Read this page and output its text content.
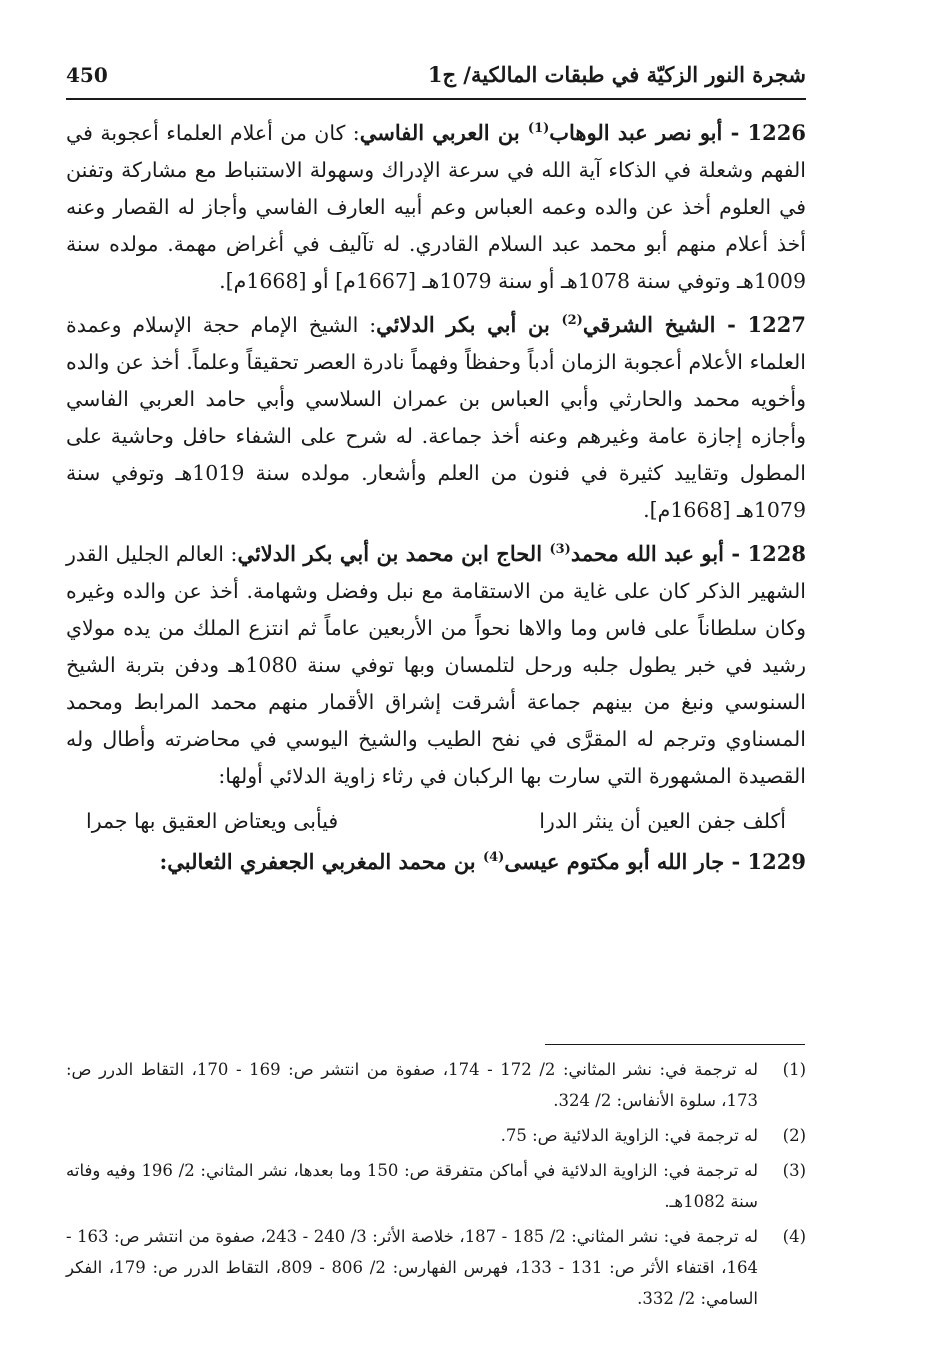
شجرة النور الزكيّة في طبقات المالكية/ ج1
450

1226 - أبو نصر عبد الوهاب$^{(1)}$ بن العربي الفاسي: كان من أعلام العلماء أعجوبة في الفهم وشعلة في الذكاء آية الله في سرعة الإدراك وسهولة الاستنباط مع مشاركة وتفنن في العلوم أخذ عن والده وعمه العباس وعم أبيه العارف الفاسي وأجاز له القصار وعنه أخذ أعلام منهم أبو محمد عبد السلام القادري. له تآليف في أغراض مهمة. مولده سنة 1009هـ وتوفي سنة 1078هـ أو سنة 1079هـ [1667م] أو [1668م].

1227 - الشيخ الشرقي$^{(2)}$ بن أبي بكر الدلائي: الشيخ الإمام حجة الإسلام وعمدة العلماء الأعلام أعجوبة الزمان أدباً وحفظاً وفهماً نادرة العصر تحقيقاً وعلماً. أخذ عن والده وأخويه محمد والحارثي وأبي العباس بن عمران السلاسي وأبي حامد العربي الفاسي وأجازه إجازة عامة وغيرهم وعنه أخذ جماعة. له شرح على الشفاء حافل وحاشية على المطول وتقاييد كثيرة في فنون من العلم وأشعار. مولده سنة 1019هـ وتوفي سنة 1079هـ [1668م].

1228 - أبو عبد الله محمد$^{(3)}$ الحاج ابن محمد بن أبي بكر الدلائي: العالم الجليل القدر الشهير الذكر كان على غاية من الاستقامة مع نبل وفضل وشهامة. أخذ عن والده وغيره وكان سلطاناً على فاس وما والاها نحواً من الأربعين عاماً ثم انتزع الملك من يده مولاي رشيد في خبر يطول جلبه ورحل لتلمسان وبها توفي سنة 1080هـ ودفن بتربة الشيخ السنوسي ونبغ من بينهم جماعة أشرقت إشراق الأقمار منهم محمد المرابط ومحمد المسناوي وترجم له المقرَّى في نفح الطيب والشيخ اليوسي في محاضرته وأطال وله القصيدة المشهورة التي سارت بها الركبان في رثاء زاوية الدلائي أولها:

أكلف جفن العين أن ينثر الدرا
فيأبى ويعتاض العقيق بها جمرا

1229 - جار الله أبو مكتوم عيسى$^{(4)}$ بن محمد المغربي الجعفري الثعالبي:

(1)
له ترجمة في: نشر المثاني: 2/ 172 - 174، صفوة من انتشر ص: 169 - 170، التقاط الدرر ص: 173، سلوة الأنفاس: 2/ 324.
(2)
له ترجمة في: الزاوية الدلائية ص: 75.
(3)
له ترجمة في: الزاوية الدلائية في أماكن متفرقة ص: 150 وما بعدها، نشر المثاني: 2/ 196 وفيه وفاته سنة 1082هـ.
(4)
له ترجمة في: نشر المثاني: 2/ 185 - 187، خلاصة الأثر: 3/ 240 - 243، صفوة من انتشر ص: 163 - 164، اقتفاء الأثر ص: 131 - 133، فهرس الفهارس: 2/ 806 - 809، التقاط الدرر ص: 179، الفكر السامي: 2/ 332.
